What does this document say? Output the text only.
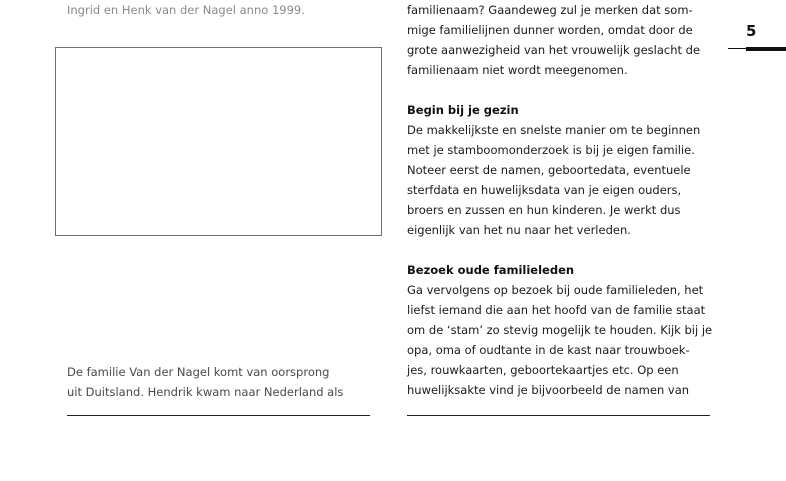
Ingrid en Henk van der Nagel anno 1999.
De familie Van der Nagel komt van oorsprong
uit Duitsland. Hendrik kwam naar Nederland als
familienaam? Gaandeweg zul je merken dat som-
mige familielijnen dunner worden, omdat door de
grote aanwezigheid van het vrouwelijk geslacht de
familienaam niet wordt meegenomen.
Begin bij je gezin
De makkelijkste en snelste manier om te beginnen
met je stamboomonderzoek is bij je eigen familie.
Noteer eerst de namen, geboortedata, eventuele
sterfdata en huwelijksdata van je eigen ouders,
broers en zussen en hun kinderen. Je werkt dus
eigenlijk van het nu naar het verleden.
Bezoek oude familieleden
Ga vervolgens op bezoek bij oude familieleden, het
liefst iemand die aan het hoofd van de familie staat
om de ‘stam’ zo stevig mogelijk te houden. Kijk bij je
opa, oma of oudtante in de kast naar trouwboek-
jes, rouwkaarten, geboortekaartjes etc. Op een
huwelijksakte vind je bijvoorbeeld de namen van
5
